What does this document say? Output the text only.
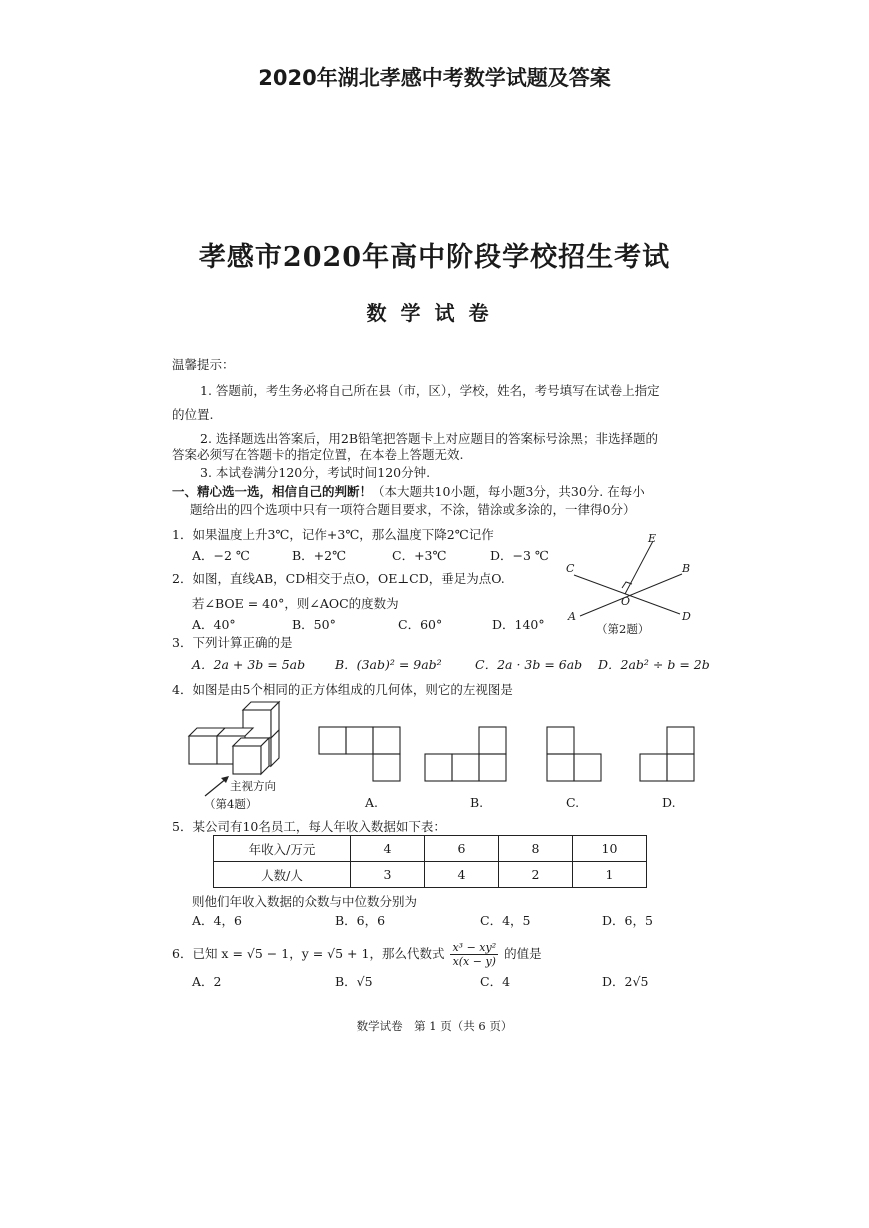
2020年湖北孝感中考数学试题及答案
孝感市2020年高中阶段学校招生考试
数学试卷
温馨提示：
1. 答题前，考生务必将自己所在县（市，区），学校，姓名，考号填写在试卷上指定
的位置.
2. 选择题选出答案后，用2B铅笔把答题卡上对应题目的答案标号涂黑；非选择题的
答案必须写在答题卡的指定位置，在本卷上答题无效.
3. 本试卷满分120分，考试时间120分钟.
一、精心选一选，相信自己的判断！（本大题共10小题，每小题3分，共30分. 在每小
题给出的四个选项中只有一项符合题目要求，不涂，错涂或多涂的，一律得0分）
1．如果温度上升3℃，记作+3℃，那么温度下降2℃记作
A．−2 ℃	B．+2℃	C．+3℃	D．−3 ℃
2．如图，直线AB，CD相交于点O，OE⊥CD，垂足为点O.
若∠BOE = 40°，则∠AOC的度数为
A．40°	B．50°	C．60°	D．140°
E
C	B
O
A	D
（第2题）
3．下列计算正确的是
A．2a + 3b = 5ab B．(3ab)² = 9ab²	C．2a · 3b = 6ab D．2ab² ÷ b = 2b
4．如图是由5个相同的正方体组成的几何体，则它的左视图是
主视方向
（第4题）	A.	B.	C.	D.
5．某公司有10名员工，每人年收入数据如下表：
年收入/万元	4	6	8	10
人数/人	3	4	2	1
则他们年收入数据的众数与中位数分别为
A．4，6	B．6，6	C．4，5	D．6，5
6．已知 x = √5 − 1，y = √5 + 1，那么代数式 $\frac{\text{x³ − xy²}}{x(x - y)}$ 的值是
A．2	B．√5	C．4	D．2√5
数学试卷　第 1 页（共 6 页）
